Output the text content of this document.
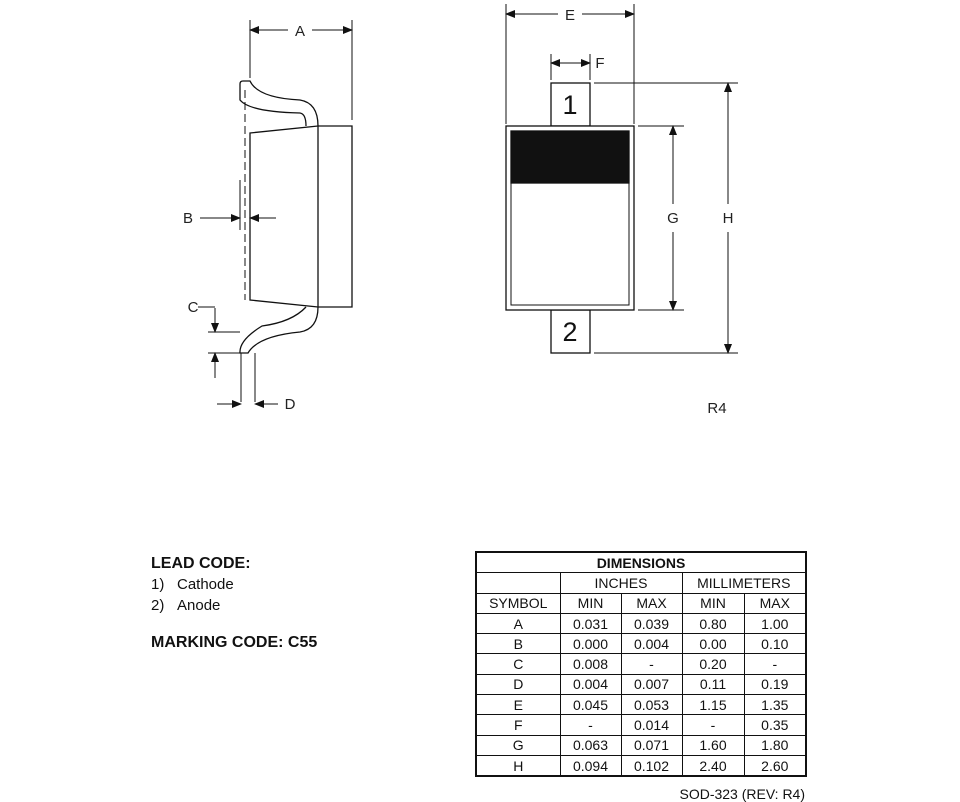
A
B
C
D
1
2
E
F
G	H
R4
LEAD CODE:
1) Cathode
2) Anode
MARKING CODE: C55
DIMENSIONS				
	INCHES		MILLIMETERS	
SYMBOL	MIN	MAX	MIN	MAX
A	0.031	0.039	0.80	1.00
B	0.000	0.004	0.00	0.10
C	0.008	-	0.20	-
D	0.004	0.007	0.11	0.19
E	0.045	0.053	1.15	1.35
F	-	0.014	-	0.35
G	0.063	0.071	1.60	1.80
H	0.094	0.102	2.40	2.60
SOD-323 (REV: R4)
